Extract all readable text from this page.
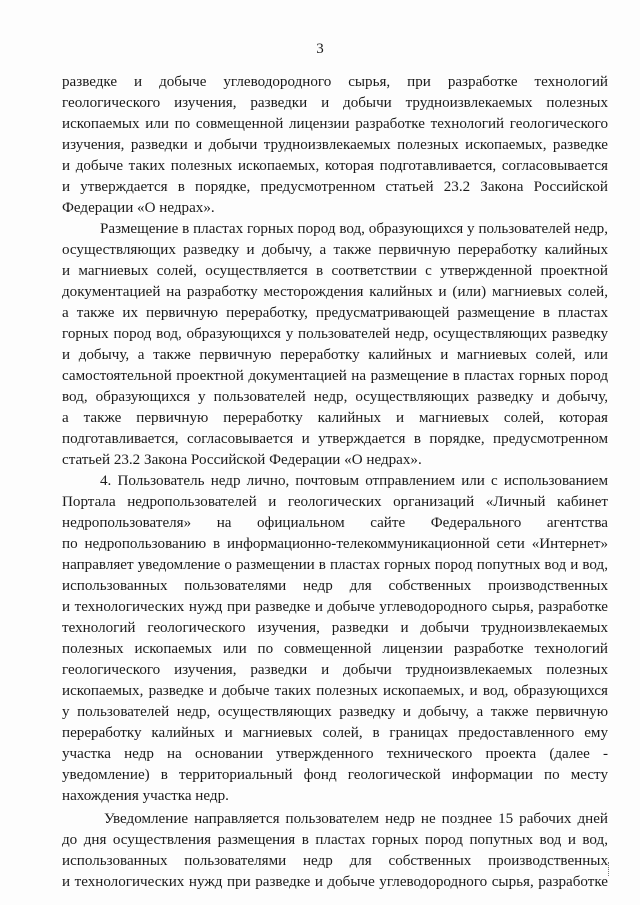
3
разведке и добыче углеводородного сырья, при разработке технологий
геологического изучения, разведки и добычи трудноизвлекаемых полезных
ископаемых или по совмещенной лицензии разработке технологий геологического
изучения, разведки и добычи трудноизвлекаемых полезных ископаемых, разведке
и добыче таких полезных ископаемых, которая подготавливается, согласовывается
и утверждается в порядке, предусмотренном статьей 23.2 Закона Российской
Федерации «О недрах».
Размещение в пластах горных пород вод, образующихся у пользователей недр,
осуществляющих разведку и добычу, а также первичную переработку калийных
и магниевых солей, осуществляется в соответствии с утвержденной проектной
документацией на разработку месторождения калийных и (или) магниевых солей,
а также их первичную переработку, предусматривающей размещение в пластах
горных пород вод, образующихся у пользователей недр, осуществляющих разведку
и добычу, а также первичную переработку калийных и магниевых солей, или
самостоятельной проектной документацией на размещение в пластах горных пород
вод, образующихся у пользователей недр, осуществляющих разведку и добычу,
а также первичную переработку калийных и магниевых солей, которая
подготавливается, согласовывается и утверждается в порядке, предусмотренном
статьей 23.2 Закона Российской Федерации «О недрах».
4. Пользователь недр лично, почтовым отправлением или с использованием
Портала недропользователей и геологических организаций «Личный кабинет
недропользователя» на официальном сайте Федерального агентства
по недропользованию в информационно-телекоммуникационной сети «Интернет»
направляет уведомление о размещении в пластах горных пород попутных вод и вод,
использованных пользователями недр для собственных производственных
и технологических нужд при разведке и добыче углеводородного сырья, разработке
технологий геологического изучения, разведки и добычи трудноизвлекаемых
полезных ископаемых или по совмещенной лицензии разработке технологий
геологического изучения, разведки и добычи трудноизвлекаемых полезных
ископаемых, разведке и добыче таких полезных ископаемых, и вод, образующихся
у пользователей недр, осуществляющих разведку и добычу, а также первичную
переработку калийных и магниевых солей, в границах предоставленного ему
участка недр на основании утвержденного технического проекта (далее -
уведомление) в территориальный фонд геологической информации по месту
нахождения участка недр.
Уведомление направляется пользователем недр не позднее 15 рабочих дней
до дня осуществления размещения в пластах горных пород попутных вод и вод,
использованных пользователями недр для собственных производственных
и технологических нужд при разведке и добыче углеводородного сырья, разработке
